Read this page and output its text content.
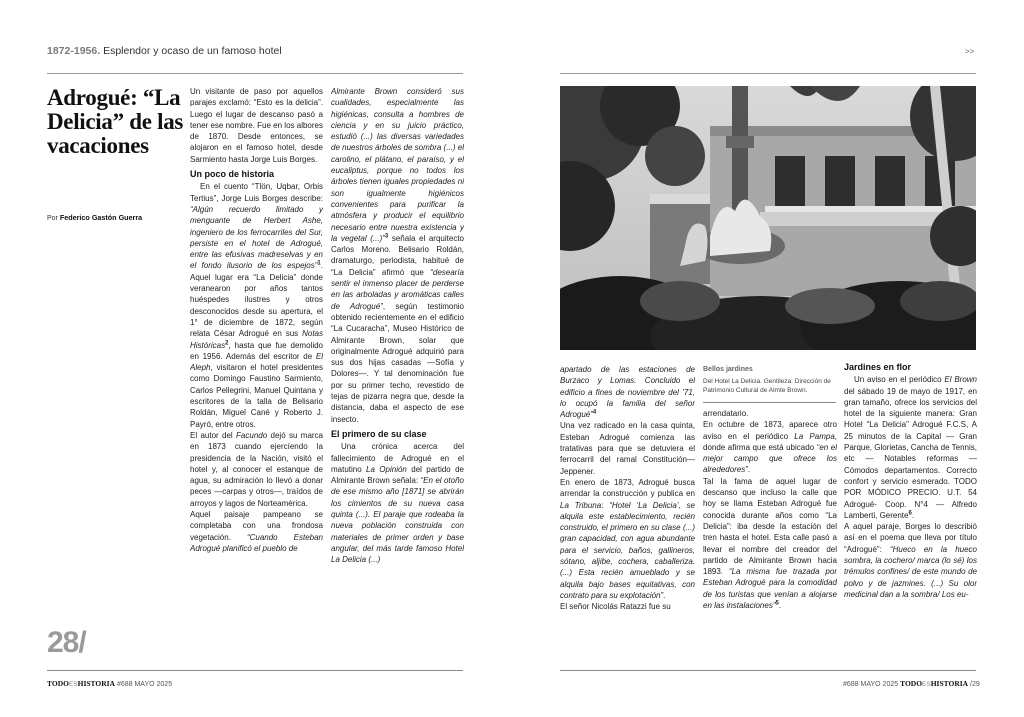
1872-1956. Esplendor y ocaso de un famoso hotel	>>
Adrogué: “La Delicia” de las vacaciones
Por Federico Gastón Guerra

Un visitante de paso por aquellos parajes exclamó: “Esto es la delicia”. Luego el lugar de descanso pasó a tener ese nombre. Fue en los albores de 1870. Desde entonces, se alojaron en el famoso hotel, desde Sarmiento hasta Jorge Luis Borges.

Un poco de historia

En el cuento “Tlön, Uqbar, Orbis Tertius”, Jorge Luis Borges describe: “Algún recuerdo limitado y menguante de Herbert Ashe, ingeniero de los ferrocarriles del Sur, persiste en el hotel de Adrogué, entre las efusivas madreselvas y en el fondo ilusorio de los espejos”$^1$. Aquel lugar era “La Delicia” donde veranearon por años tantos huéspedes ilustres y otros desconocidos desde su apertura, el 1° de diciembre de 1872, según relata César Adrogué en sus Notas Históricas$^2$, hasta que fue demolido en 1956. Además del escritor de El Aleph, visitaron el hotel presidentes como Domingo Faustino Sarmiento, Carlos Pellegrini, Manuel Quintana y escritores de la talla de Belisario Roldán, Miguel Cané y Roberto J. Payró, entre otros.

El autor del Facundo dejó su marca en 1873 cuando ejercíendo la presidencia de la Nación, visitó el hotel y, al conocer el estanque de agua, su admiración lo llevó a donar peces —carpas y otros—, traídos de arroyos y lagos de Norteamérica.

Aquel paisaje pampeano se completaba con una frondosa vegetación. “Cuando Esteban Adrogué planificó el pueblo de

Almirante Brown consideró sus cualidades, especialmente las higiénicas, consulta a hombres de ciencia y en su juicio práctico, estudió (...) las diversas variedades de nuestros árboles de sombra (...) el carolino, el plátano, el paraíso, y el eucaliptus, porque no todos los árboles tienen iguales propiedades ni son igualmente higiénicos convenientes para purificar la atmósfera y producir el equilibrio necesario entre nuestra existencia y la vegetal (...)”$^3$ señala el arquitecto Carlos Moreno. Belisario Roldán, dramaturgo, periodista, habitué de “La Delicia” afirmó que “desearía sentir el inmenso placer de perderse en las arboladas y aromáticas calles de Adrogué”, según testimonio obtenido recientemente en el edificio “La Cucaracha”, Museo Histórico de Almirante Brown, solar que originalmente Adrogué adquirió para sus dos hijas casadas —Sofía y Dolores—. Y tal denominación fue por su primer techo, revestido de tejas de pizarra negra que, desde la distancia, daba el aspecto de ese insecto.

El primero de su clase

Una crónica acerca del fallecimiento de Adrogué en el matutino La Opinión del partido de Almirante Brown señala: “En el otoño de ese mismo año [1871] se abrirán los cimientos de su nueva casa quinta (...). El paraje que rodeaba la nueva población construida con materiales de primer orden y base angular, del más tarde famoso Hotel La Delicia (...)

28/

apartado de las estaciones de Burzaco y Lomas. Concluido el edificio a fines de noviembre del ’71, lo ocupó la familia del señor Adrogué”$^4$

Una vez radicado en la casa quinta, Esteban Adrogué comienza las tratativas para que se detuviera el ferrocarril del ramal Constitución—Jeppener.

En enero de 1873, Adrogué busca arrendar la construcción y publica en La Tribuna: “Hotel ‘La Delicia’, se alquila este establecimiento, recién construido, el primero en su clase (...) gran capacidad, con agua abundante para el servicio, baños, gallineros, sótano, aljibe, cochera, caballeriza. (...) Esta recién amueblado y se alquila bajo bases equitativas, con contrato para su explotación”.

El señor Nicolás Ratazzi fue su

Bellos jardines
Del Hotel La Delicia. Gentileza: Dirección de Patrimonio Cultural de Almte Brown.

arrendatario.

En octubre de 1873, aparece otro aviso en el periódico La Pampa, donde afirma que está ubicado “en el mejor campo que ofrece los alrededores”.

Tal la fama de aquel lugar de descanso que incluso la calle que hoy se llama Esteban Adrogué fue conocida durante años como “La Delicia”: iba desde la estación del tren hasta el hotel. Esta calle pasó a llevar el nombre del creador del partido de Almirante Brown hacia 1893. “La misma fue trazada por Esteban Adrogué para la comodidad de los turistas que venían a alojarse en las instalaciones”$^5$.

Jardines en flor

Un aviso en el periódico El Brown del sábado 19 de mayo de 1917, en gran tamaño, ofrece los servicios del hotel de la siguiente manera: Gran Hotel “La Delicia” Adrogué F.C.S, A 25 minutos de la Capital — Gran Parque, Glorietas, Cancha de Tennis, etc — Notables reformas — Cómodos departamentos. Correcto confort y servicio esmerado. TODO POR MÓDICO PRECIO. U.T. 54 Adrogué- Coop. N°4 — Alfredo Lamberti, Gerente$^6$.

A aquel paraje, Borges lo describió así en el poema que lleva por título “Adrogué”: “Hueco en la hueco sombra, la cochero/ marca (lo sé) los trémulos confines/ de este mundo de polvo y de jazmines. (...) Su olor medicinal dan a la sombra/ Los eu-

TODOESHISTORIA #688 MAYO 2025	#688 MAYO 2025 TODOESHISTORIA /29
